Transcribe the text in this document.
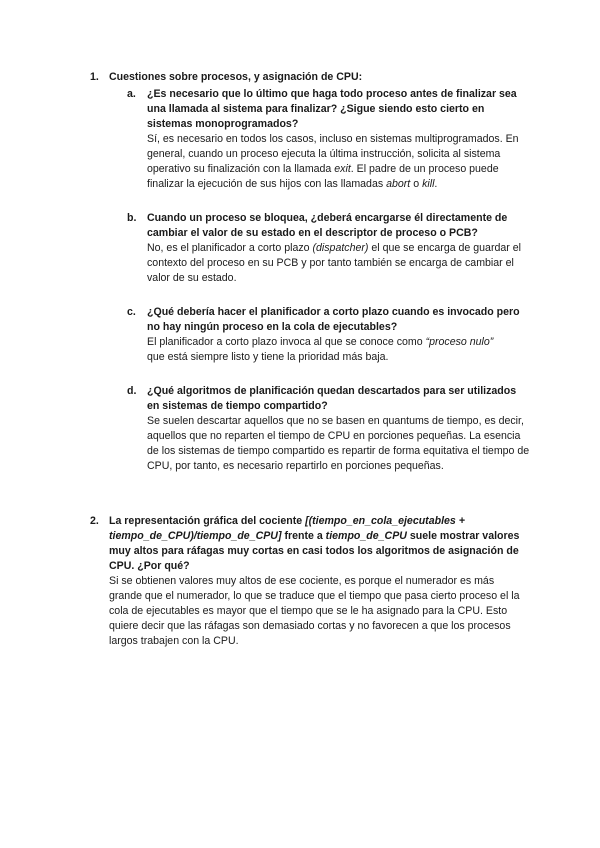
1. Cuestiones sobre procesos, y asignación de CPU:
a. ¿Es necesario que lo último que haga todo proceso antes de finalizar sea una llamada al sistema para finalizar? ¿Sigue siendo esto cierto en sistemas monoprogramados?
Sí, es necesario en todos los casos, incluso en sistemas multiprogramados. En general, cuando un proceso ejecuta la última instrucción, solicita al sistema operativo su finalización con la llamada exit. El padre de un proceso puede finalizar la ejecución de sus hijos con las llamadas abort o kill.
b. Cuando un proceso se bloquea, ¿deberá encargarse él directamente de cambiar el valor de su estado en el descriptor de proceso o PCB?
No, es el planificador a corto plazo (dispatcher) el que se encarga de guardar el contexto del proceso en su PCB y por tanto también se encarga de cambiar el valor de su estado.
c. ¿Qué debería hacer el planificador a corto plazo cuando es invocado pero no hay ningún proceso en la cola de ejecutables?
El planificador a corto plazo invoca al que se conoce como “proceso nulo”
que está siempre listo y tiene la prioridad más baja.
d. ¿Qué algoritmos de planificación quedan descartados para ser utilizados en sistemas de tiempo compartido?
Se suelen descartar aquellos que no se basen en quantums de tiempo, es decir, aquellos que no reparten el tiempo de CPU en porciones pequeñas. La esencia de los sistemas de tiempo compartido es repartir de forma equitativa el tiempo de CPU, por tanto, es necesario repartirlo en porciones pequeñas.
2. La representación gráfica del cociente [(tiempo_en_cola_ejecutables + tiempo_de_CPU)/tiempo_de_CPU] frente a tiempo_de_CPU suele mostrar valores muy altos para ráfagas muy cortas en casi todos los algoritmos de asignación de CPU. ¿Por qué?
Si se obtienen valores muy altos de ese cociente, es porque el numerador es más grande que el numerador, lo que se traduce que el tiempo que pasa cierto proceso el la cola de ejecutables es mayor que el tiempo que se le ha asignado para la CPU. Esto quiere decir que las ráfagas son demasiado cortas y no favorecen a que los procesos largos trabajen con la CPU.
